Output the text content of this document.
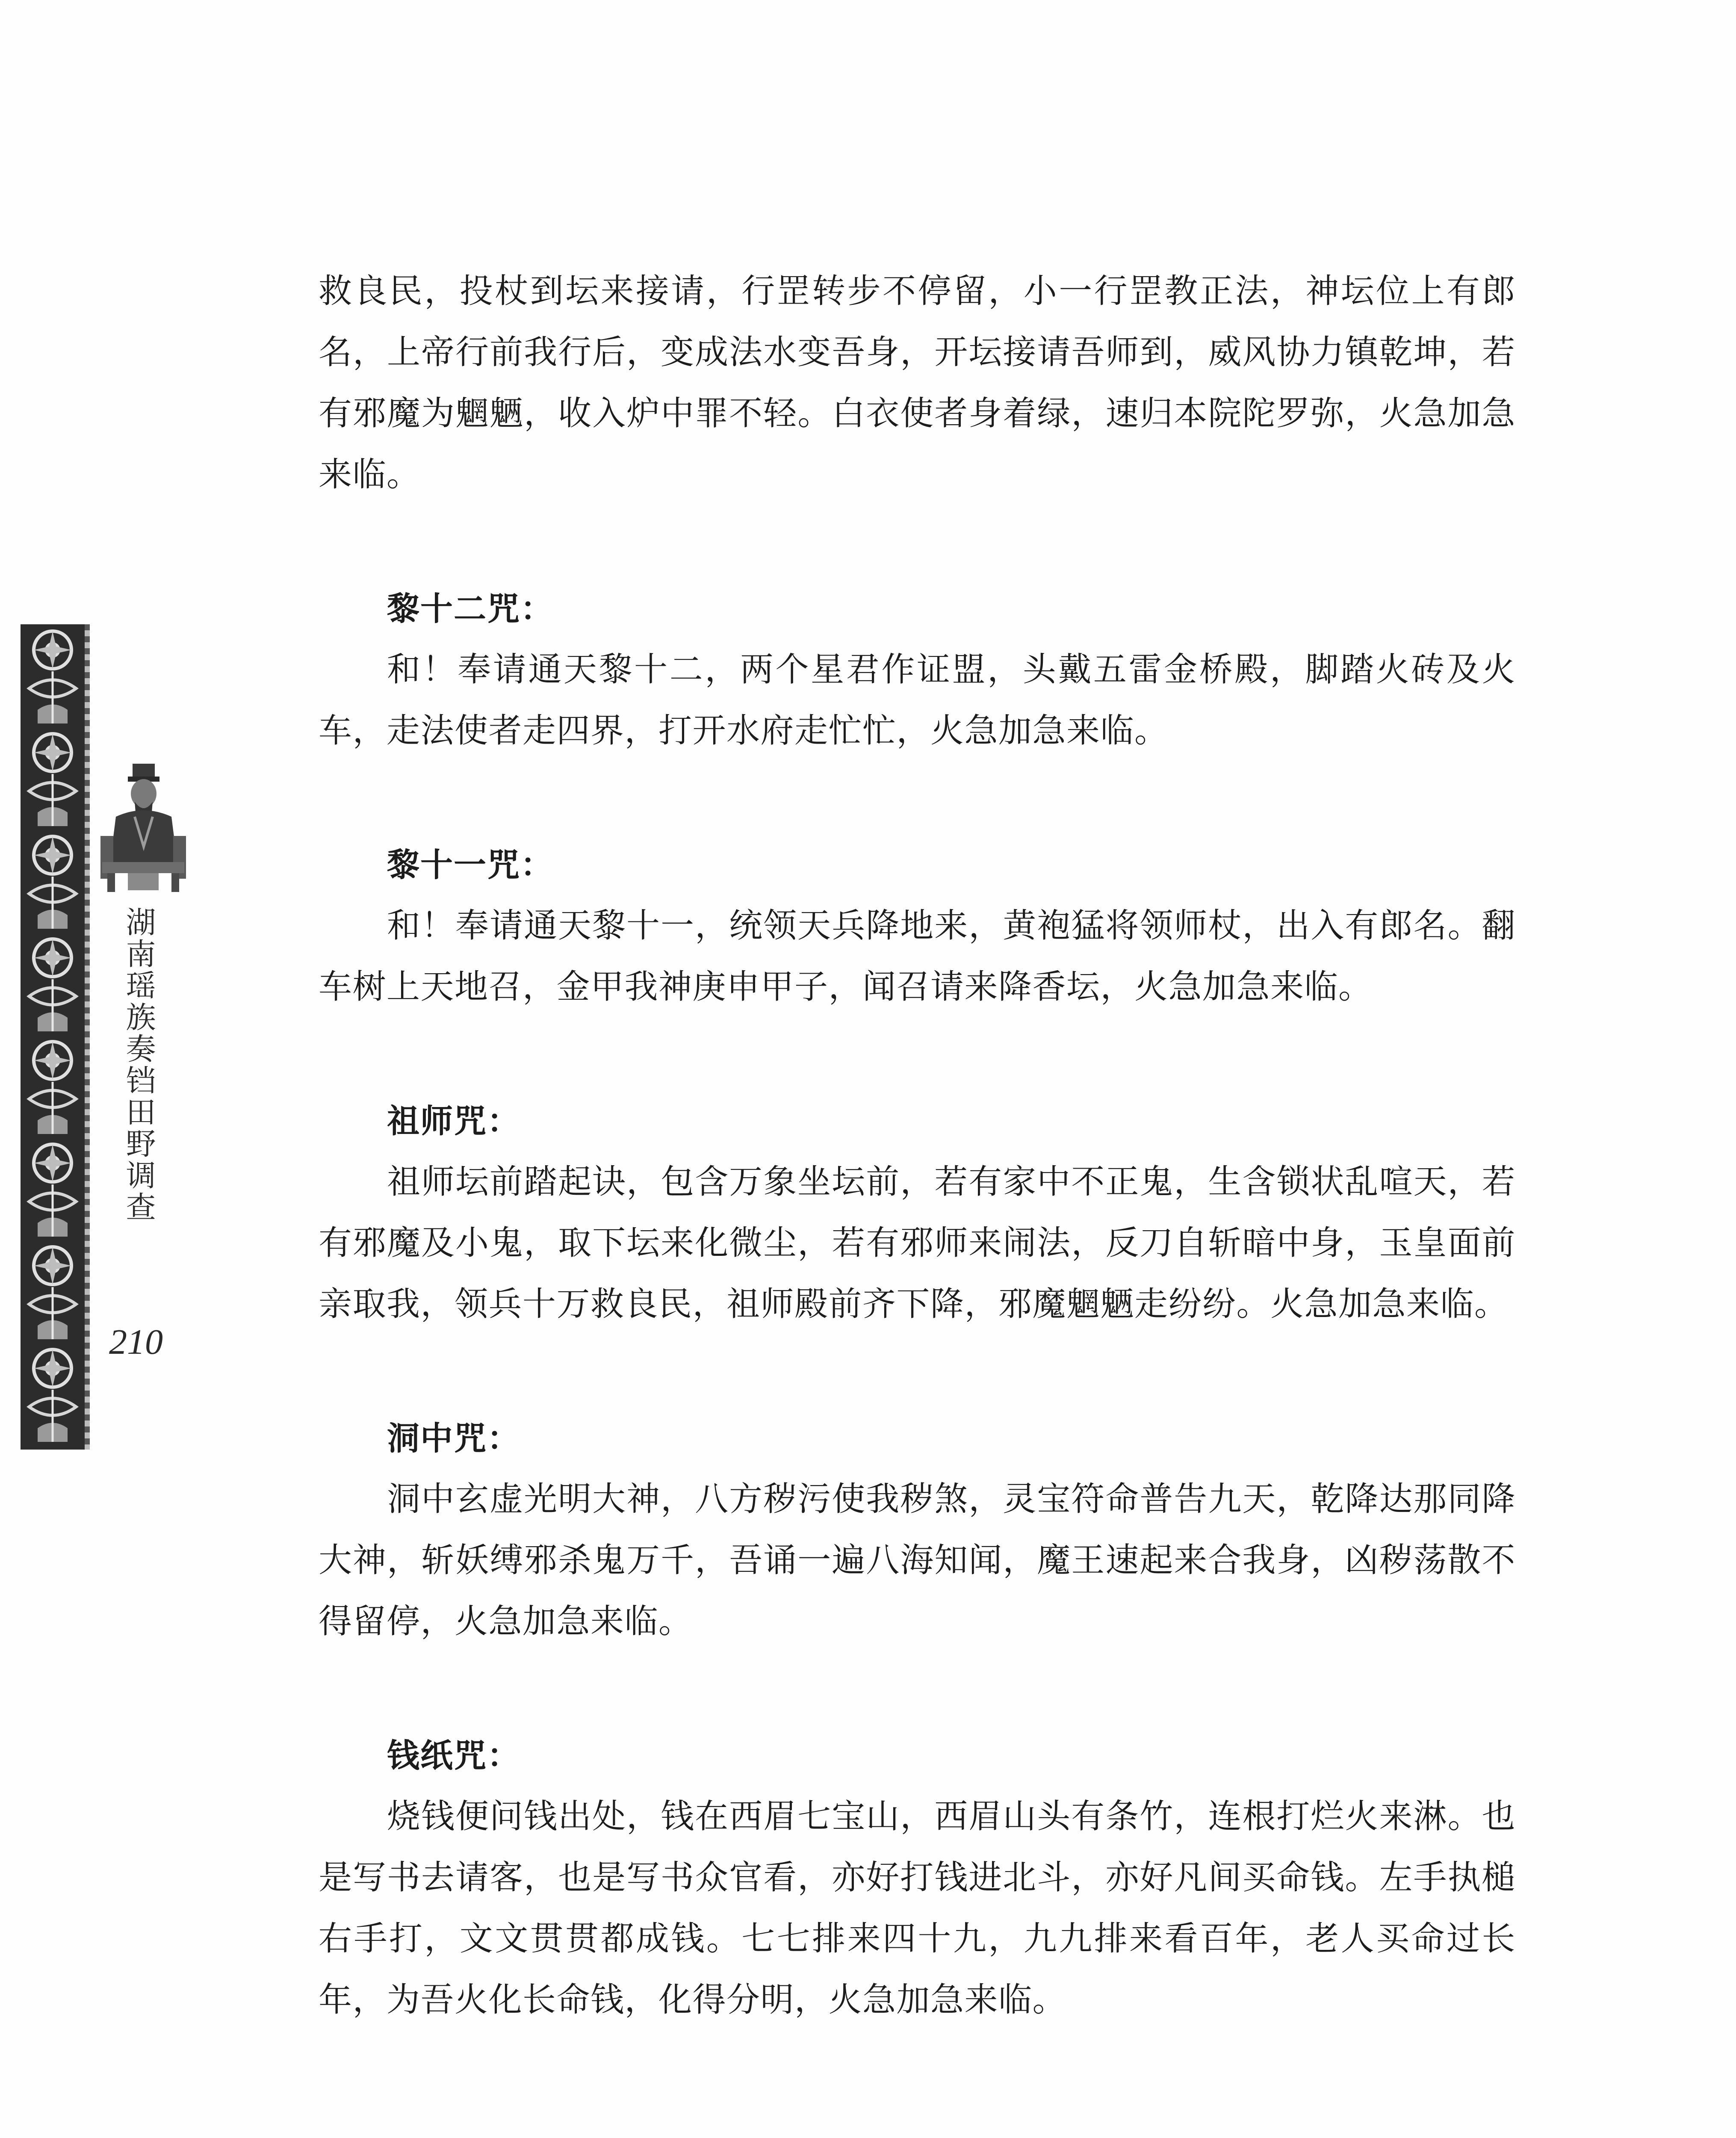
湖南瑶族奏铛田野调查
210

救良民，投杖到坛来接请，行罡转步不停留，小一行罡教正法，神坛位上有郎名，上帝行前我行后，变成法水变吾身，开坛接请吾师到，威风协力镇乾坤，若有邪魔为魍魉，收入炉中罪不轻。白衣使者身着绿，速归本院陀罗弥，火急加急来临。

黎十二咒：

和！奉请通天黎十二，两个星君作证盟，头戴五雷金桥殿，脚踏火砖及火车，走法使者走四界，打开水府走忙忙，火急加急来临。

黎十一咒：

和！奉请通天黎十一，统领天兵降地来，黄袍猛将领师杖，出入有郎名。翻车树上天地召，金甲我神庚申甲子，闻召请来降香坛，火急加急来临。

祖师咒：

祖师坛前踏起诀，包含万象坐坛前，若有家中不正鬼，生含锁状乱喧天，若有邪魔及小鬼，取下坛来化微尘，若有邪师来闹法，反刀自斩暗中身，玉皇面前亲取我，领兵十万救良民，祖师殿前齐下降，邪魔魍魉走纷纷。火急加急来临。

洞中咒：

洞中玄虚光明大神，八方秽污使我秽煞，灵宝符命普告九天，乾降达那同降大神，斩妖缚邪杀鬼万千，吾诵一遍八海知闻，魔王速起来合我身，凶秽荡散不得留停，火急加急来临。

钱纸咒：

烧钱便问钱出处，钱在西眉七宝山，西眉山头有条竹，连根打烂火来淋。也是写书去请客，也是写书众官看，亦好打钱进北斗，亦好凡间买命钱。左手执槌右手打，文文贯贯都成钱。七七排来四十九，九九排来看百年，老人买命过长年，为吾火化长命钱，化得分明，火急加急来临。
